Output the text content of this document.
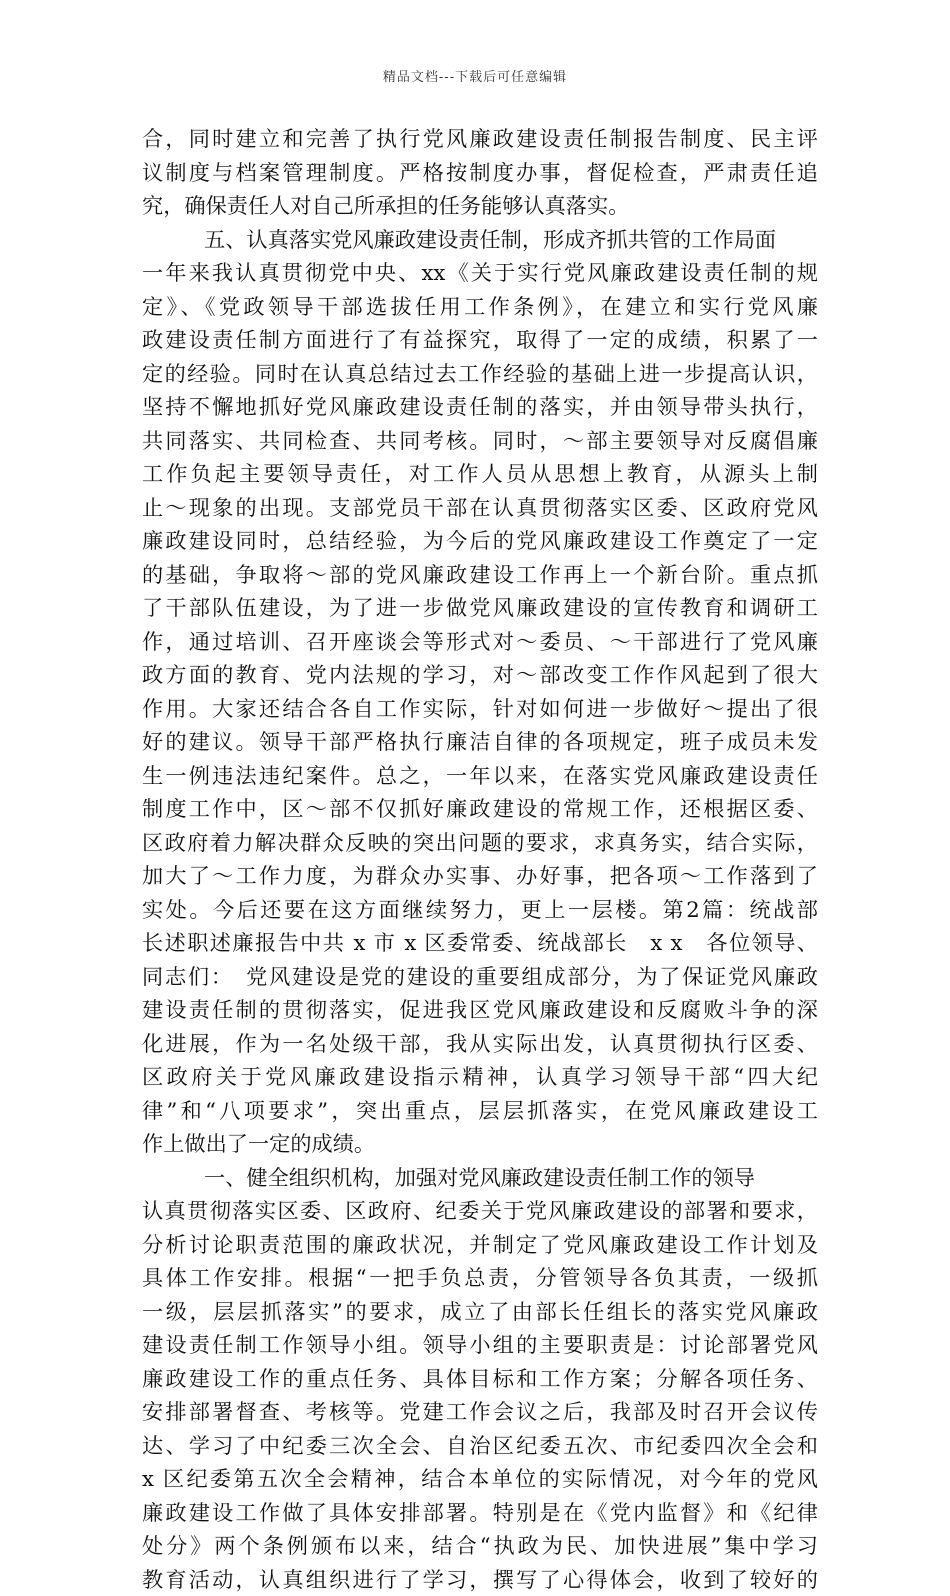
精品文档---下载后可任意编辑
合，同时建立和完善了执行党风廉政建设责任制报告制度、民主评
议制度与档案管理制度。严格按制度办事，督促检查，严肃责任追
究，确保责任人对自己所承担的任务能够认真落实。
五、认真落实党风廉政建设责任制，形成齐抓共管的工作局面
一年来我认真贯彻党中央、xx《关于实行党风廉政建设责任制的规
定》、《党政领导干部选拔任用工作条例》，在建立和实行党风廉
政建设责任制方面进行了有益探究，取得了一定的成绩，积累了一
定的经验。同时在认真总结过去工作经验的基础上进一步提高认识，
坚持不懈地抓好党风廉政建设责任制的落实，并由领导带头执行，
共同落实、共同检查、共同考核。同时，～部主要领导对反腐倡廉
工作负起主要领导责任，对工作人员从思想上教育，从源头上制
止～现象的出现。支部党员干部在认真贯彻落实区委、区政府党风
廉政建设同时，总结经验，为今后的党风廉政建设工作奠定了一定
的基础，争取将～部的党风廉政建设工作再上一个新台阶。重点抓
了干部队伍建设，为了进一步做党风廉政建设的宣传教育和调研工
作，通过培训、召开座谈会等形式对～委员、～干部进行了党风廉
政方面的教育、党内法规的学习，对～部改变工作作风起到了很大
作用。大家还结合各自工作实际，针对如何进一步做好～提出了很
好的建议。领导干部严格执行廉洁自律的各项规定，班子成员未发
生一例违法违纪案件。总之，一年以来，在落实党风廉政建设责任
制度工作中，区～部不仅抓好廉政建设的常规工作，还根据区委、
区政府着力解决群众反映的突出问题的要求，求真务实，结合实际，
加大了～工作力度，为群众办实事、办好事，把各项～工作落到了
实处。今后还要在这方面继续努力，更上一层楼。第2篇：统战部
长述职述廉报告中共 x 市 x 区委常委、统战部长　x x　各位领导、
同志们：　党风建设是党的建设的重要组成部分，为了保证党风廉政
建设责任制的贯彻落实，促进我区党风廉政建设和反腐败斗争的深
化进展，作为一名处级干部，我从实际出发，认真贯彻执行区委、
区政府关于党风廉政建设指示精神，认真学习领导干部“四大纪
律”和“八项要求”，突出重点，层层抓落实，在党风廉政建设工
作上做出了一定的成绩。
一、健全组织机构，加强对党风廉政建设责任制工作的领导
认真贯彻落实区委、区政府、纪委关于党风廉政建设的部署和要求，
分析讨论职责范围的廉政状况，并制定了党风廉政建设工作计划及
具体工作安排。根据“一把手负总责，分管领导各负其责，一级抓
一级，层层抓落实”的要求，成立了由部长任组长的落实党风廉政
建设责任制工作领导小组。领导小组的主要职责是：讨论部署党风
廉政建设工作的重点任务、具体目标和工作方案；分解各项任务、
安排部署督查、考核等。党建工作会议之后，我部及时召开会议传
达、学习了中纪委三次全会、自治区纪委五次、市纪委四次全会和
x 区纪委第五次全会精神，结合本单位的实际情况，对今年的党风
廉政建设工作做了具体安排部署。特别是在《党内监督》和《纪律
处分》两个条例颁布以来，结合“执政为民、加快进展”集中学习
教育活动，认真组织进行了学习，撰写了心得体会，收到了较好的
